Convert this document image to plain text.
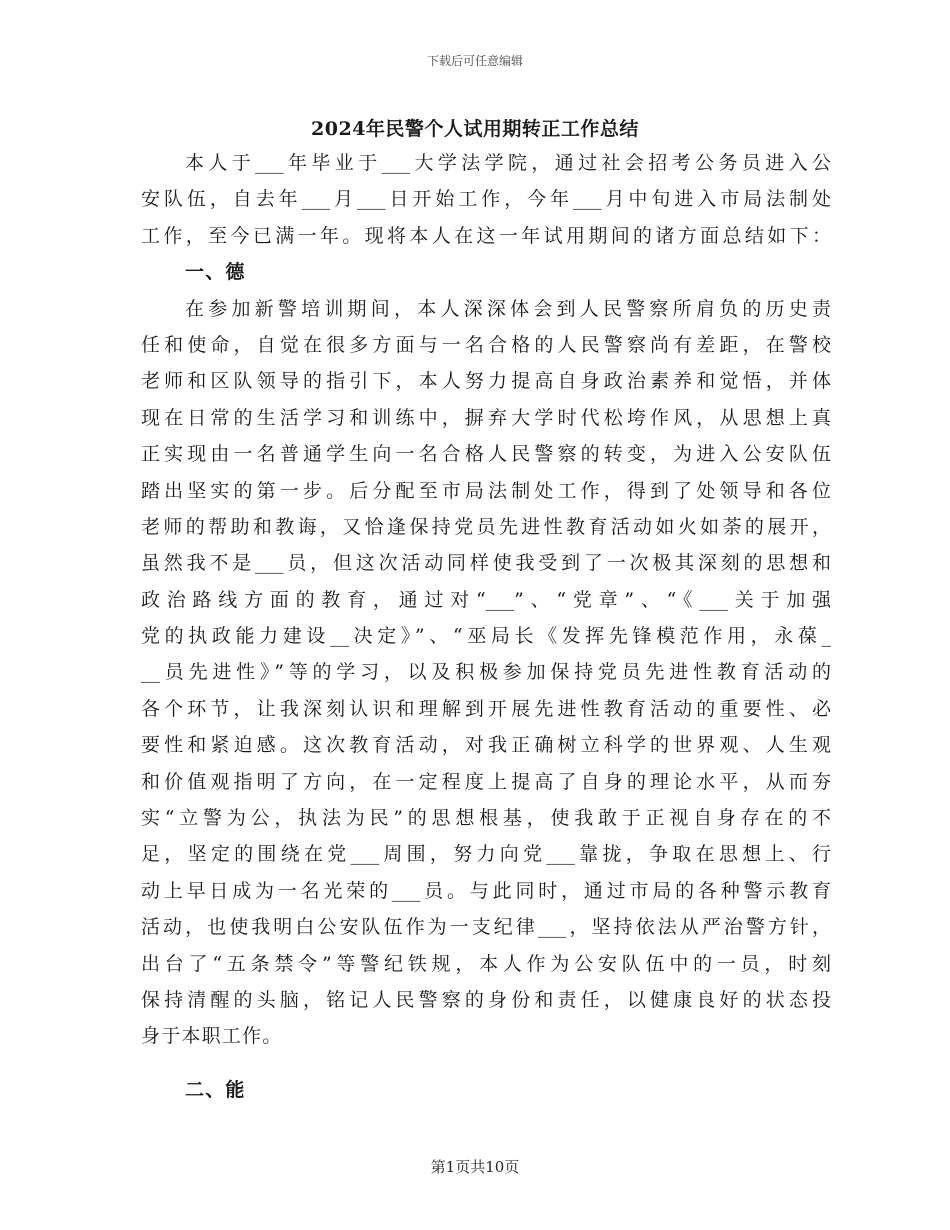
下载后可任意编辑
2024年民警个人试用期转正工作总结
本人于___年毕业于___大学法学院，通过社会招考公务员进入公
安队伍，自去年___月___日开始工作，今年___月中旬进入市局法制处
工作，至今已满一年。现将本人在这一年试用期间的诸方面总结如下：
一、德
在参加新警培训期间，本人深深体会到人民警察所肩负的历史责
任和使命，自觉在很多方面与一名合格的人民警察尚有差距，在警校
老师和区队领导的指引下，本人努力提高自身政治素养和觉悟，并体
现在日常的生活学习和训练中，摒弃大学时代松垮作风，从思想上真
正实现由一名普通学生向一名合格人民警察的转变，为进入公安队伍
踏出坚实的第一步。后分配至市局法制处工作，得到了处领导和各位
老师的帮助和教诲，又恰逢保持党员先进性教育活动如火如荼的展开，
虽然我不是___员，但这次活动同样使我受到了一次极其深刻的思想和
政治路线方面的教育，通过对“___”、“党章”、“《___关于加强
党的执政能力建设__决定》”、“巫局长《发挥先锋模范作用，永葆_
__员先进性》”等的学习，以及积极参加保持党员先进性教育活动的
各个环节，让我深刻认识和理解到开展先进性教育活动的重要性、必
要性和紧迫感。这次教育活动，对我正确树立科学的世界观、人生观
和价值观指明了方向，在一定程度上提高了自身的理论水平，从而夯
实“立警为公，执法为民”的思想根基，使我敢于正视自身存在的不
足，坚定的围绕在党___周围，努力向党___靠拢，争取在思想上、行
动上早日成为一名光荣的___员。与此同时，通过市局的各种警示教育
活动，也使我明白公安队伍作为一支纪律___，坚持依法从严治警方针，
出台了“五条禁令”等警纪铁规，本人作为公安队伍中的一员，时刻
保持清醒的头脑，铭记人民警察的身份和责任，以健康良好的状态投
身于本职工作。
二、能
第1页共10页
